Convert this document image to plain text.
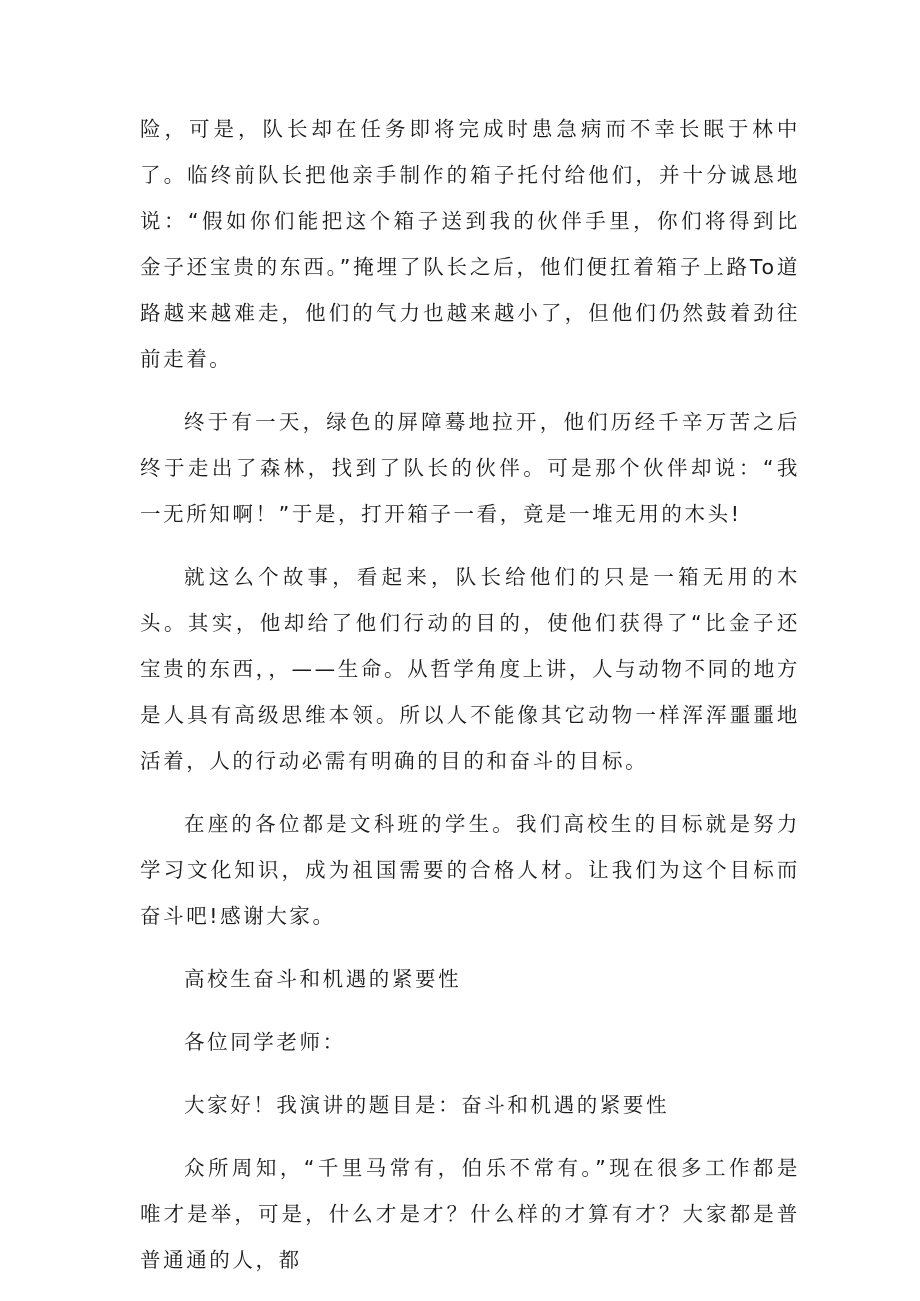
险，可是，队长却在任务即将完成时患急病而不幸长眠于林中了。临终前队长把他亲手制作的箱子托付给他们，并十分诚恳地说：“假如你们能把这个箱子送到我的伙伴手里，你们将得到比金子还宝贵的东西。”掩埋了队长之后，他们便扛着箱子上路To道路越来越难走，他们的气力也越来越小了，但他们仍然鼓着劲往前走着。

终于有一天，绿色的屏障蓦地拉开，他们历经千辛万苦之后终于走出了森林，找到了队长的伙伴。可是那个伙伴却说：“我一无所知啊！”于是，打开箱子一看，竟是一堆无用的木头!

就这么个故事，看起来，队长给他们的只是一箱无用的木头。其实，他却给了他们行动的目的，使他们获得了“比金子还宝贵的东西，，——生命。从哲学角度上讲，人与动物不同的地方是人具有高级思维本领。所以人不能像其它动物一样浑浑噩噩地活着，人的行动必需有明确的目的和奋斗的目标。

在座的各位都是文科班的学生。我们高校生的目标就是努力学习文化知识，成为祖国需要的合格人材。让我们为这个目标而奋斗吧!感谢大家。

高校生奋斗和机遇的紧要性

各位同学老师：

大家好！我演讲的题目是：奋斗和机遇的紧要性

众所周知，“千里马常有，伯乐不常有。”现在很多工作都是唯才是举，可是，什么才是才？什么样的才算有才？大家都是普普通通的人，都
